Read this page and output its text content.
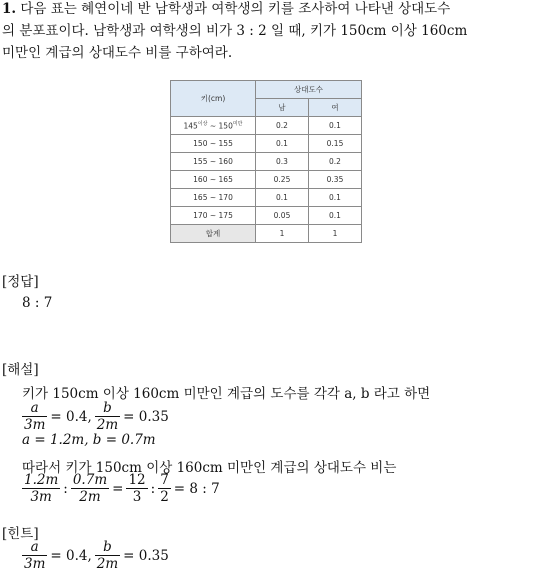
1. 다음 표는 혜연이네 반 남학생과 여학생의 키를 조사하여 나타낸 상대도수
의 분포표이다. 남학생과 여학생의 비가 3 : 2 일 때, 키가 150cm 이상 160cm
미만인 계급의 상대도수 비를 구하여라.
키(cm)	상대도수	
	남	여
$145^{이상}$ ~ $150^{미만}$	0.2	0.1
150 ~ 155	0.1	0.15
155 ~ 160	0.3	0.2
160 ~ 165	0.25	0.35
165 ~ 170	0.1	0.1
170 ~ 175	0.05	0.1
합계	1	1
[정답]
8 : 7
[해설]
키가 150cm 이상 160cm 미만인 계급의 도수를 각각 a, b 라고 하면
$\frac{a}{3m} = 0.4$, $\frac{b}{2m} = 0.35$
a = 1.2m, b = 0.7m
따라서 키가 150cm 이상 160cm 미만인 계급의 상대도수 비는
$\frac{1.2m}{3m}$ : $\frac{0.7m}{2m} = \frac{12}{3}$ : $\frac{7}{2} = 8$ : 7
[힌트]
$\frac{a}{3m} = 0.4$, $\frac{b}{2m} = 0.35$
